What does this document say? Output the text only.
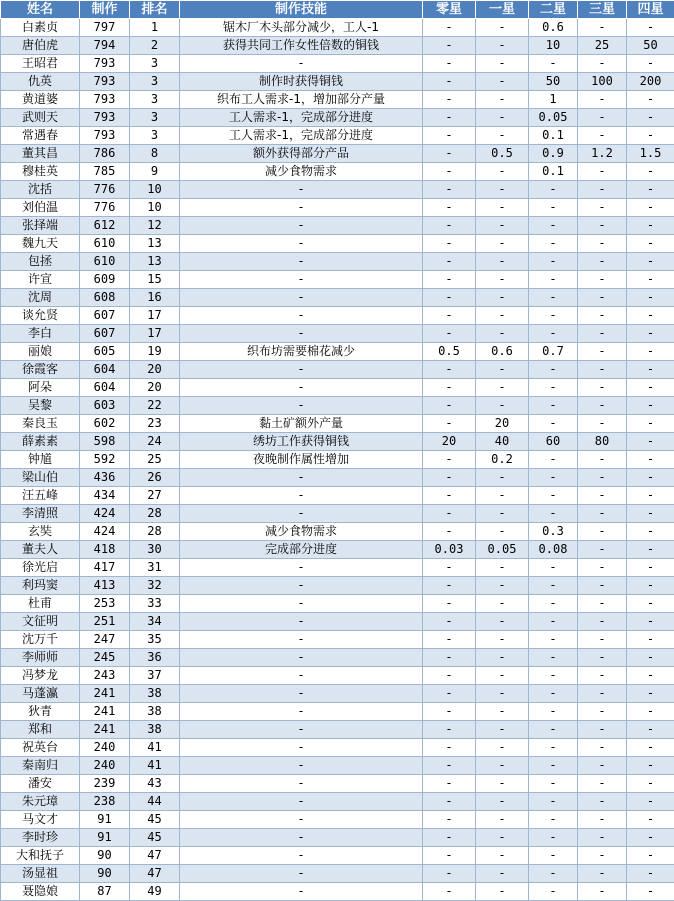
姓名	制作	排名	制作技能	零星	一星	二星	三星	四星
白素贞	797	1	锯木厂木头部分减少，工人-1	-	-	0.6	-	-
唐伯虎	794	2	获得共同工作女性倍数的铜钱	-	-	10	25	50
王昭君	793	3	-	-	-	-	-	-
仇英	793	3	制作时获得铜钱	-	-	50	100	200
黄道婆	793	3	织布工人需求-1，增加部分产量	-	-	1	-	-
武则天	793	3	工人需求-1，完成部分进度	-	-	0.05	-	-
常遇春	793	3	工人需求-1，完成部分进度	-	-	0.1	-	-
董其昌	786	8	额外获得部分产品	-	0.5	0.9	1.2	1.5
穆桂英	785	9	减少食物需求	-	-	0.1	-	-
沈括	776	10	-	-	-	-	-	-
刘伯温	776	10	-	-	-	-	-	-
张择端	612	12	-	-	-	-	-	-
魏九天	610	13	-	-	-	-	-	-
包拯	610	13	-	-	-	-	-	-
许宣	609	15	-	-	-	-	-	-
沈周	608	16	-	-	-	-	-	-
谈允贤	607	17	-	-	-	-	-	-
李白	607	17	-	-	-	-	-	-
丽娘	605	19	织布坊需要棉花减少	0.5	0.6	0.7	-	-
徐霞客	604	20	-	-	-	-	-	-
阿朵	604	20	-	-	-	-	-	-
吴黎	603	22	-	-	-	-	-	-
秦良玉	602	23	黏土矿额外产量	-	20	-	-	-
薛素素	598	24	绣坊工作获得铜钱	20	40	60	80	-
钟馗	592	25	夜晚制作属性增加	-	0.2	-	-	-
梁山伯	436	26	-	-	-	-	-	-
汪五峰	434	27	-	-	-	-	-	-
李清照	424	28	-	-	-	-	-	-
玄奘	424	28	减少食物需求	-	-	0.3	-	-
董夫人	418	30	完成部分进度	0.03	0.05	0.08	-	-
徐光启	417	31	-	-	-	-	-	-
利玛窦	413	32	-	-	-	-	-	-
杜甫	253	33	-	-	-	-	-	-
文征明	251	34	-	-	-	-	-	-
沈万千	247	35	-	-	-	-	-	-
李师师	245	36	-	-	-	-	-	-
冯梦龙	243	37	-	-	-	-	-	-
马蓬瀛	241	38	-	-	-	-	-	-
狄青	241	38	-	-	-	-	-	-
郑和	241	38	-	-	-	-	-	-
祝英台	240	41	-	-	-	-	-	-
秦南归	240	41	-	-	-	-	-	-
潘安	239	43	-	-	-	-	-	-
朱元璋	238	44	-	-	-	-	-	-
马文才	91	45	-	-	-	-	-	-
李时珍	91	45	-	-	-	-	-	-
大和抚子	90	47	-	-	-	-	-	-
汤显祖	90	47	-	-	-	-	-	-
聂隐娘	87	49	-	-	-	-	-	-
